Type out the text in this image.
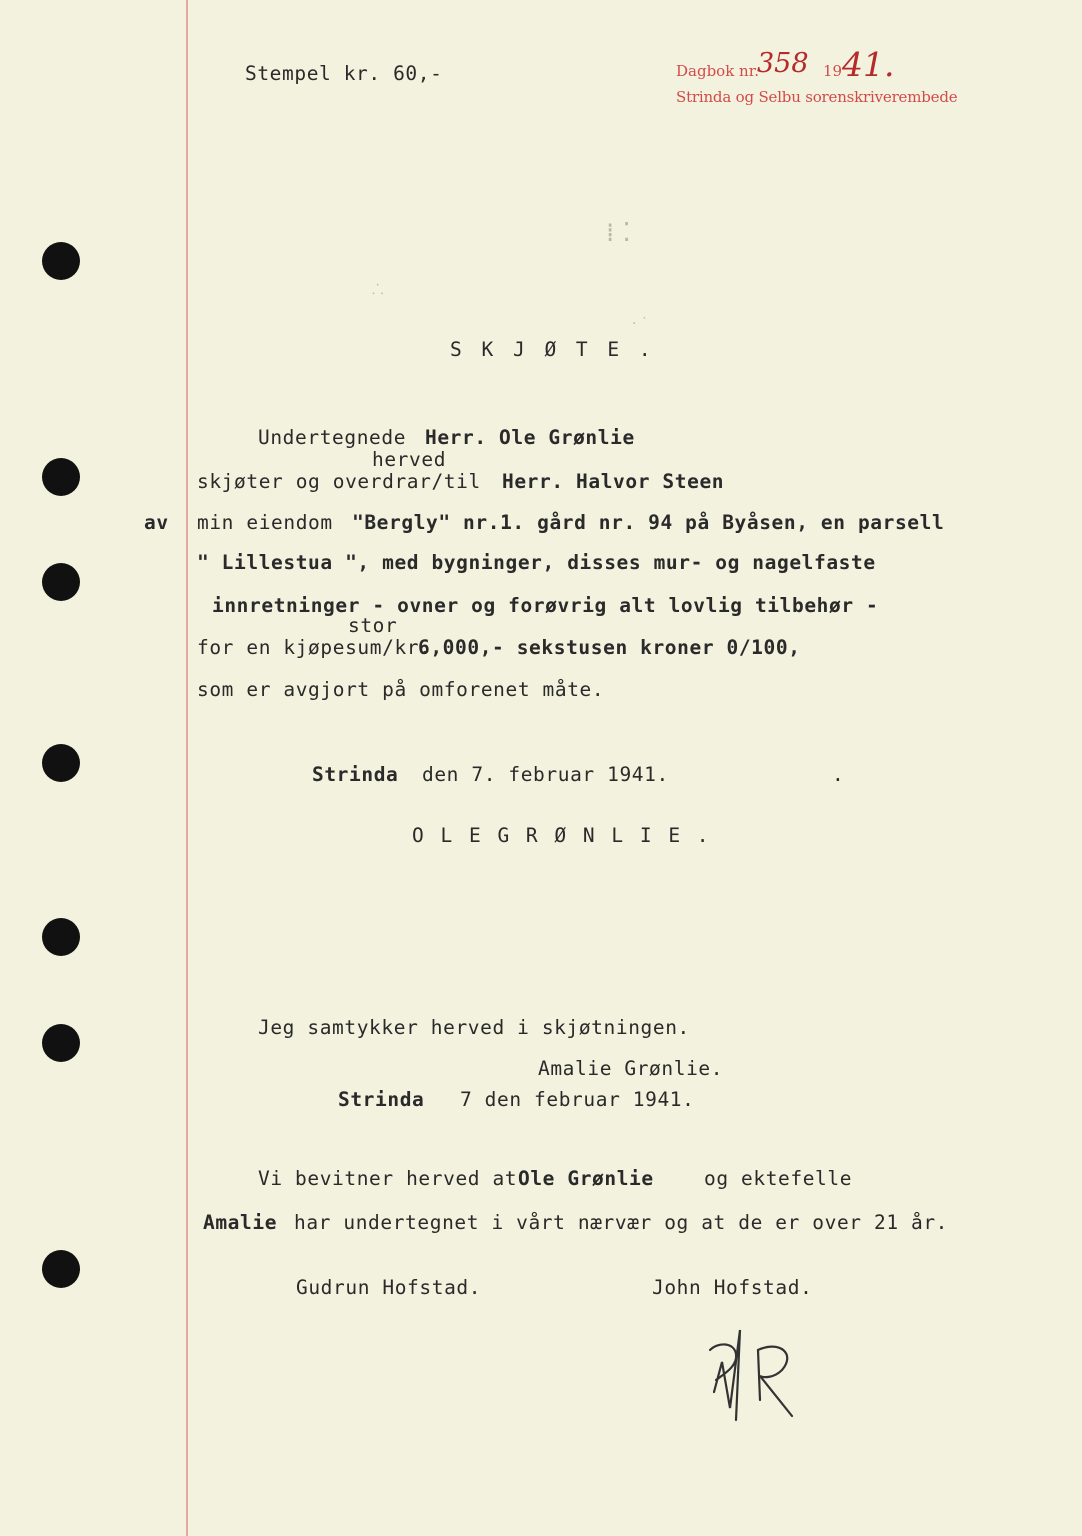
Stempel kr. 60,-	Dagbok nr.
358 19 41.
Strinda og Selbu sorenskriverembede
⁞ ⁚
⸫
· ˙
S K J Ø T E .
Undertegnede Herr. Ole Grønlie
herved
skjøter og overdrar/til Herr. Halvor Steen
av min eiendom "Bergly" nr.1. gård nr. 94 på Byåsen, en parsell
" Lillestua ", med bygninger, disses mur- og nagelfaste
innretninger - ovner og forøvrig alt lovlig tilbehør -
stor
for en kjøpesum/kr.
6,000,- sekstusen kroner 0/100,
som er avgjort på omforenet måte.
Strinda den 7. februar 1941.	.
O L E G R Ø N L I E .
Jeg samtykker herved i skjøtningen.
Amalie Grønlie.
Strinda 7 den februar 1941.
Vi bevitner herved at Ole Grønlie	og ektefelle
Amalie har undertegnet i vårt nærvær og at de er over 21 år.
Gudrun Hofstad.	John Hofstad.
